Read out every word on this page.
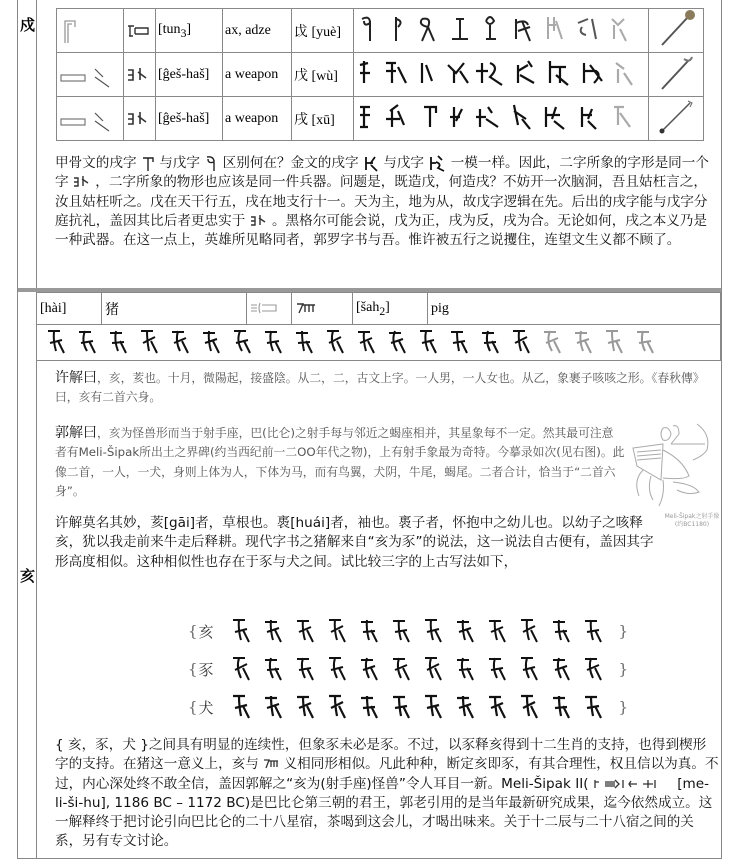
戍
			[tun$_3$]	ax, adze	戉 [yuè]		
		[ĝeš-haš]	a weapon	戊 [wù]		
		[ĝeš-haš]	a weapon	戌 [xū]		
甲骨文的戌字 与戊字 区别何在？金文的戌字 与戊字 一模一样。因此，二字所象的字形是同一个字 ，二字所象的物形也应该是同一件兵器。问题是，既造戊，何造戌？不妨开一次脑洞，吾且姑枉言之，汝且姑枉听之。戊在天干行五，戌在地支行十一。天为主，地为从，故戊字逻辑在先。后出的戌字能与戊字分庭抗礼，盖因其比后者更忠实于 。黑格尔可能会说，戊为正，戌为反，戌为合。无论如何，戌之本义乃是一种武器。在这一点上，英雄所见略同者，郭罗字书与吾。惟许被五行之说攫住，连望文生义都不顾了。
[hài]	猪			[šah$_2$]	pig

亥
许解曰，亥，荄也。十月，微陽起，接盛陰。从二，二，古文上字。一人男，一人女也。从乙，象裹子咳咳之形。《春秋傳》曰，亥有二首六身。
郭解曰，亥为怪兽形而当于射手座，巴(比仑)之射手每与邻近之蝎座相并，其星象每不一定。然其最可注意者有Meli-Šipak所出土之界碑(约当西纪前一二OO年代之物)，上有射手象最为奇特。今摹录如次(见右图)。此像二首，一人，一犬，身则上体为人，下体为马，而有鸟翼，犬阴，牛尾，蝎尾。二者合计，恰当于“二首六身”。
Meli-Šipak之射手像
(约BC1180)
许解莫名其妙，荄[gāi]者，草根也。褭[huái]者，袖也。褭子者，怀抱中之幼儿也。以幼子之咳释亥，犹以我走前来牛走后释耕。现代字书之猪解来自“亥为豕”的说法，这一说法自古便有，盖因其字形高度相似。这种相似性也存在于豕与犬之间。试比较三字的上古写法如下，
{ 亥	}
{ 豕	}
{ 犬	}
{ 亥，豕，犬 }之间具有明显的连续性，但象豕未必是豕。不过，以豕释亥得到十二生肖的支持，也得到楔形字的支持。在猪这一意义上，亥与 义相同形相似。凡此种种，断定亥即豕，有其合理性，权且信以为真。不过，内心深处终不敢全信，盖因郭解之“亥为(射手座)怪兽”令人耳目一新。Meli-Šipak II(	[me-li-ši-hu], 1186 BC – 1172 BC)是巴比仑第三朝的君王，郭老引用的是当年最新研究成果，迄今依然成立。这一解释终于把讨论引向巴比仑的二十八星宿，茶喝到这会儿，才喝出味来。关于十二辰与二十八宿之间的关系，另有专文讨论。
